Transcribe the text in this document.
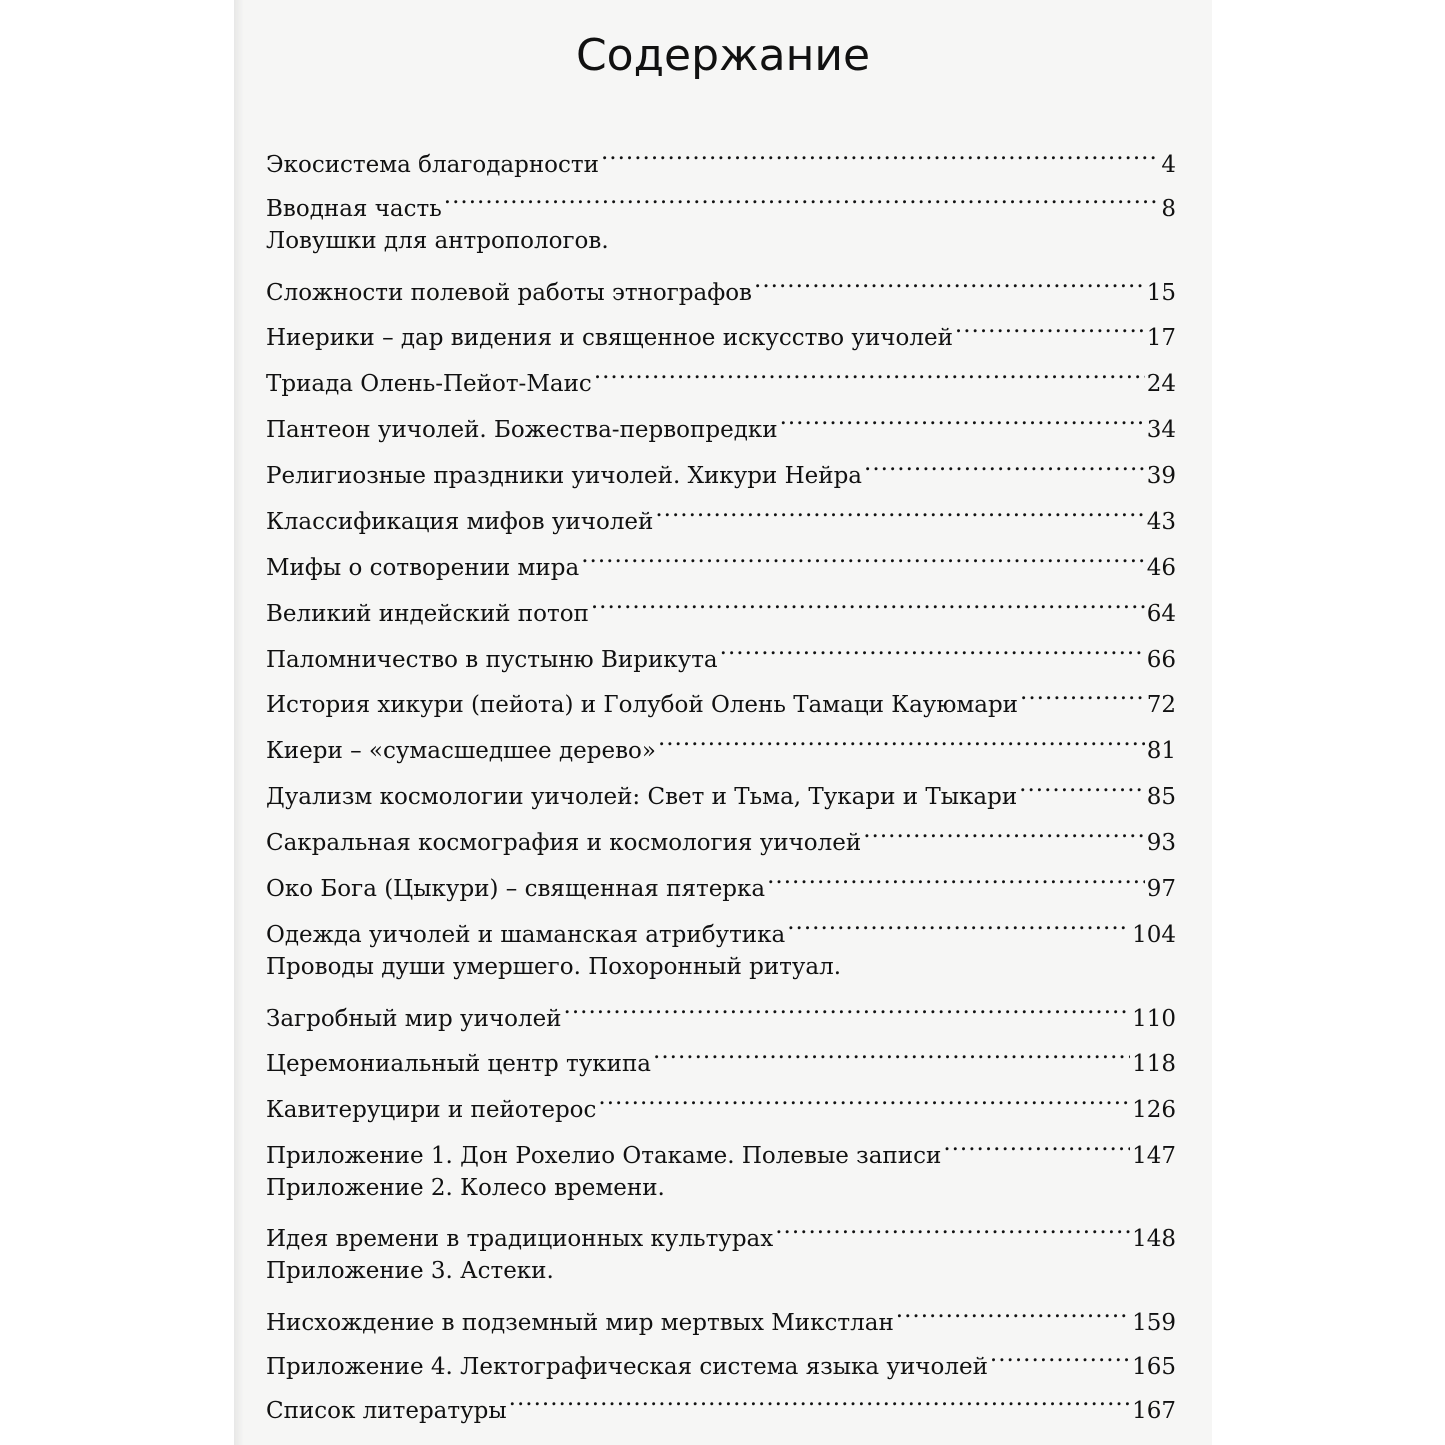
Содержание
Экосистема благодарности .....	4
Вводная часть .....	8
Ловушки для антропологов.
Сложности полевой работы этнографов .....	15
Ниерики – дар видения и священное искусство уичолей .....	17
Триада Олень-Пейот-Маис .....	24
Пантеон уичолей. Божества-первопредки .....	34
Религиозные праздники уичолей. Хикури Нейра .....	39
Классификация мифов уичолей .....	43
Мифы о сотворении мира .....	46
Великий индейский потоп .....	64
Паломничество в пустыню Вирикута .....	66
История хикури (пейота) и Голубой Олень Тамаци Кауюмари .....	72
Киери – «сумасшедшее дерево» .....	81
Дуализм космологии уичолей: Свет и Тьма, Тукари и Тыкари .....	85
Сакральная космография и космология уичолей .....	93
Око Бога (Цыкури) – священная пятерка .....	97
Одежда уичолей и шаманская атрибутика .....	104
Проводы души умершего. Похоронный ритуал.
Загробный мир уичолей .....	110
Церемониальный центр тукипа .....	118
Кавитеруцири и пейотерос .....	126
Приложение 1. Дон Рохелио Отакаме. Полевые записи .....	147
Приложение 2. Колесо времени.
Идея времени в традиционных культурах .....	148
Приложение 3. Астеки.
Нисхождение в подземный мир мертвых Микстлан .....	159
Приложение 4. Лектографическая система языка уичолей .....	165
Список литературы .....	167
